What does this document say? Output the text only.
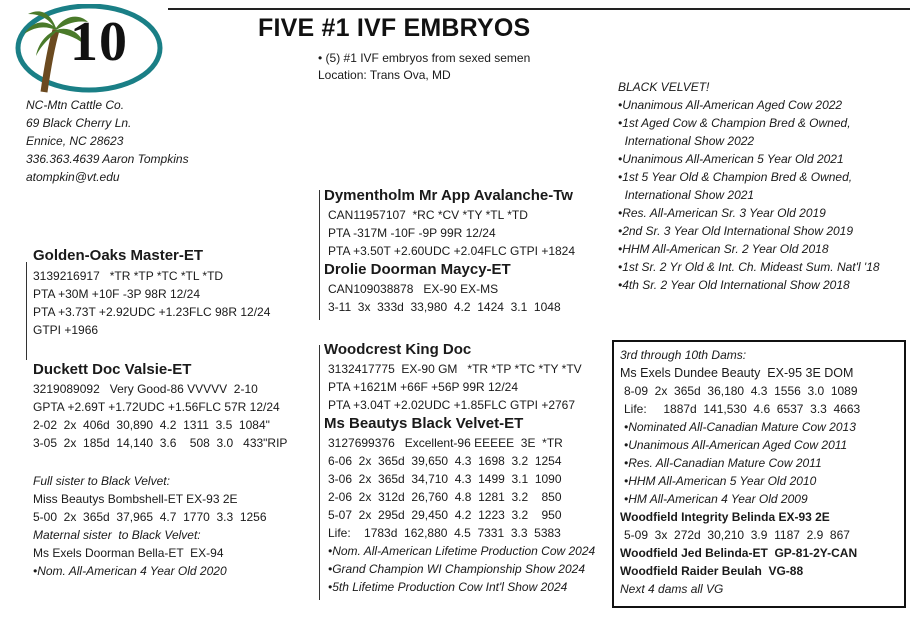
10	FIVE #1 IVF EMBRYOS
• (5) #1 IVF embryos from sexed semen
Location: Trans Ova, MD
NC-Mtn Cattle Co.
69 Black Cherry Ln.
Ennice, NC 28623
336.363.4639 Aaron Tompkins
atompkin@vt.edu
Golden-Oaks Master-ET
3139216917   *TR *TP *TC *TL *TD
PTA +30M +10F -3P 98R 12/24
PTA +3.73T +2.92UDC +1.23FLC 98R 12/24
GTPI +1966
Duckett Doc Valsie-ET
3219089092   Very Good-86 VVVVV  2-10
GPTA +2.69T +1.72UDC +1.56FLC 57R 12/24
2-02  2x  406d  30,890  4.2  1311  3.5  1084"
3-05  2x  185d  14,140  3.6    508  3.0   433"RIP
Full sister to Black Velvet:
Miss Beautys Bombshell-ET EX-93 2E
5-00  2x  365d  37,965  4.7  1770  3.3  1256
Maternal sister  to Black Velvet:
Ms Exels Doorman Bella-ET  EX-94
•Nom. All-American 4 Year Old 2020
Dymentholm Mr App Avalanche-Tw
CAN11957107  *RC *CV *TY *TL *TD
PTA -317M -10F -9P 99R 12/24
PTA +3.50T +2.60UDC +2.04FLC GTPI +1824
Drolie Doorman Maycy-ET
CAN109038878   EX-90 EX-MS
3-11  3x  333d  33,980  4.2  1424  3.1  1048
Woodcrest King Doc
3132417775  EX-90 GM   *TR *TP *TC *TY *TV
PTA +1621M +66F +56P 99R 12/24
PTA +3.04T +2.02UDC +1.85FLC GTPI +2767
Ms Beautys Black Velvet-ET
3127699376   Excellent-96 EEEEE  3E  *TR
6-06  2x  365d  39,650  4.3  1698  3.2  1254
3-06  2x  365d  34,710  4.3  1499  3.1  1090
2-06  2x  312d  26,760  4.8  1281  3.2    850
5-07  2x  295d  29,450  4.2  1223  3.2    950
Life:    1783d  162,880  4.5  7331  3.3  5383
•Nom. All-American Lifetime Production Cow 2024
•Grand Champion WI Championship Show 2024
•5th Lifetime Production Cow Int'l Show 2024
BLACK VELVET!
•Unanimous All-American Aged Cow 2022
•1st Aged Cow & Champion Bred & Owned,
International Show 2022
•Unanimous All-American 5 Year Old 2021
•1st 5 Year Old & Champion Bred & Owned,
International Show 2021
•Res. All-American Sr. 3 Year Old 2019
•2nd Sr. 3 Year Old International Show 2019
•HHM All-American Sr. 2 Year Old 2018
•1st Sr. 2 Yr Old & Int. Ch. Mideast Sum. Nat'l '18
•4th Sr. 2 Year Old International Show 2018
3rd through 10th Dams:
Ms Exels Dundee Beauty  EX-95 3E DOM
8-09  2x  365d  36,180  4.3  1556  3.0  1089
Life:     1887d  141,530  4.6  6537  3.3  4663
•Nominated All-Canadian Mature Cow 2013
•Unanimous All-American Aged Cow 2011
•Res. All-Canadian Mature Cow 2011
•HHM All-American 5 Year Old 2010
•HM All-American 4 Year Old 2009
Woodfield Integrity Belinda EX-93 2E
5-09  3x  272d  30,210  3.9  1187  2.9  867
Woodfield Jed Belinda-ET  GP-81-2Y-CAN
Woodfield Raider Beulah  VG-88
Next 4 dams all VG
